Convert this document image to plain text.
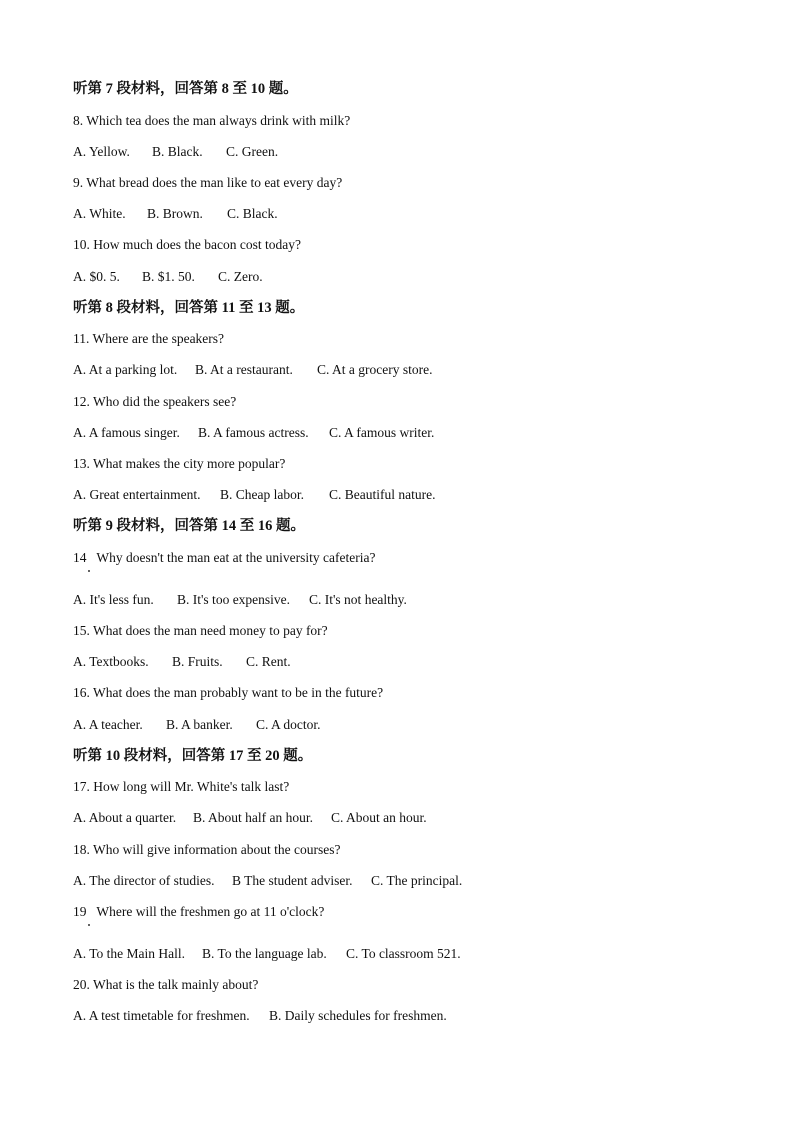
听第 7 段材料，回答第 8 至 10 题。
8. Which tea does the man always drink with milk?
A. Yellow. B. Black. C. Green.
9. What bread does the man like to eat every day?
A. White. B. Brown. C. Black.
10. How much does the bacon cost today?
A. $0. 5. B. $1. 50. C. Zero.
听第 8 段材料，回答第 11 至 13 题。
11. Where are the speakers?
A. At a parking lot. B. At a restaurant. C. At a grocery store.
12. Who did the speakers see?
A. A famous singer. B. A famous actress. C. A famous writer.
13. What makes the city more popular?
A. Great entertainment. B. Cheap labor. C. Beautiful nature.
听第 9 段材料，回答第 14 至 16 题。
14   Why doesn't the man eat at the university cafeteria?
A. It's less fun. B. It's too expensive. C. It's not healthy.
15. What does the man need money to pay for?
A. Textbooks. B. Fruits. C. Rent.
16. What does the man probably want to be in the future?
A. A teacher. B. A banker. C. A doctor.
听第 10 段材料，回答第 17 至 20 题。
17. How long will Mr. White's talk last?
A. About a quarter. B. About half an hour. C. About an hour.
18. Who will give information about the courses?
A. The director of studies. B The student adviser. C. The principal.
19   Where will the freshmen go at 11 o'clock?
A. To the Main Hall. B. To the language lab. C. To classroom 521.
20. What is the talk mainly about?
A. A test timetable for freshmen. B. Daily schedules for freshmen.
